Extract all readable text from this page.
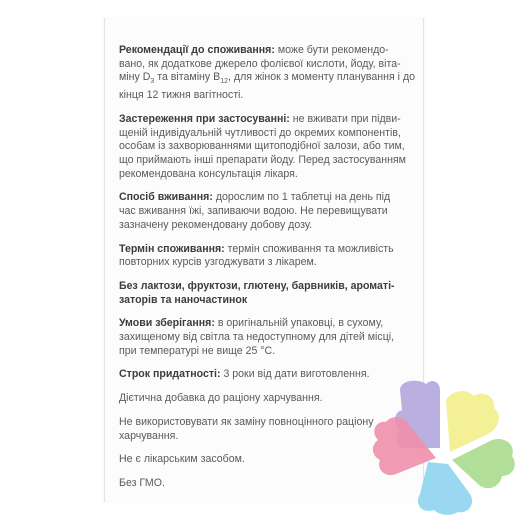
Рекомендації до споживання: може бути рекомендо-
вано, як додаткове джерело фолієвої кислоти, йоду, віта-
міну $D_3$ та вітаміну $B_{12}$, для жінок з моменту планування і до
кінця 12 тижня вагітності.
Застереження при застосуванні: не вживати при підви-
щеній індивідуальній чутливості до окремих компонентів,
особам із захворюваннями щитоподібної залози, або тим,
що приймають інші препарати йоду. Перед застосуванням
рекомендована консультація лікаря.
Спосіб вживання: дорослим по 1 таблетці на день під
час вживання їжі, запиваючи водою. Не перевищувати
зазначену рекомендовану добову дозу.
Термін споживання: термін споживання та можливість
повторних курсів узгоджувати з лікарем.
Без лактози, фруктози, глютену, барвників, ароматі-
заторів та наночастинок
Умови зберігання: в оригінальній упаковці, в сухому,
захищеному від світла та недоступному для дітей місці,
при температурі не вище 25 °С.
Строк придатності: 3 роки від дати виготовлення.
Дієтична добавка до раціону харчування.
Не використовувати як заміну повноцінного раціону
харчування.
Не є лікарським засобом.
Без ГМО.
